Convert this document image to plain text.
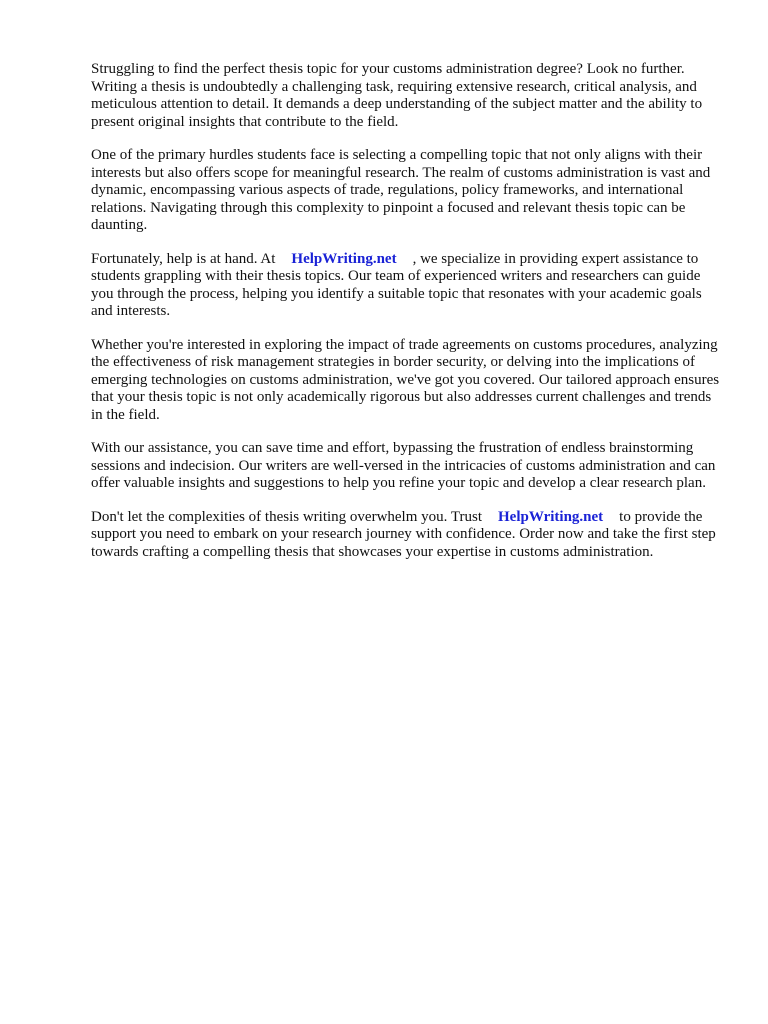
Struggling to find the perfect thesis topic for your customs administration degree? Look no further. Writing a thesis is undoubtedly a challenging task, requiring extensive research, critical analysis, and meticulous attention to detail. It demands a deep understanding of the subject matter and the ability to present original insights that contribute to the field.

One of the primary hurdles students face is selecting a compelling topic that not only aligns with their interests but also offers scope for meaningful research. The realm of customs administration is vast and dynamic, encompassing various aspects of trade, regulations, policy frameworks, and international relations. Navigating through this complexity to pinpoint a focused and relevant thesis topic can be daunting.

Fortunately, help is at hand. At HelpWriting.net , we specialize in providing expert assistance to students grappling with their thesis topics. Our team of experienced writers and researchers can guide you through the process, helping you identify a suitable topic that resonates with your academic goals and interests.

Whether you're interested in exploring the impact of trade agreements on customs procedures, analyzing the effectiveness of risk management strategies in border security, or delving into the implications of emerging technologies on customs administration, we've got you covered. Our tailored approach ensures that your thesis topic is not only academically rigorous but also addresses current challenges and trends in the field.

With our assistance, you can save time and effort, bypassing the frustration of endless brainstorming sessions and indecision. Our writers are well-versed in the intricacies of customs administration and can offer valuable insights and suggestions to help you refine your topic and develop a clear research plan.

Don't let the complexities of thesis writing overwhelm you. Trust HelpWriting.net to provide the support you need to embark on your research journey with confidence. Order now and take the first step towards crafting a compelling thesis that showcases your expertise in customs administration.
